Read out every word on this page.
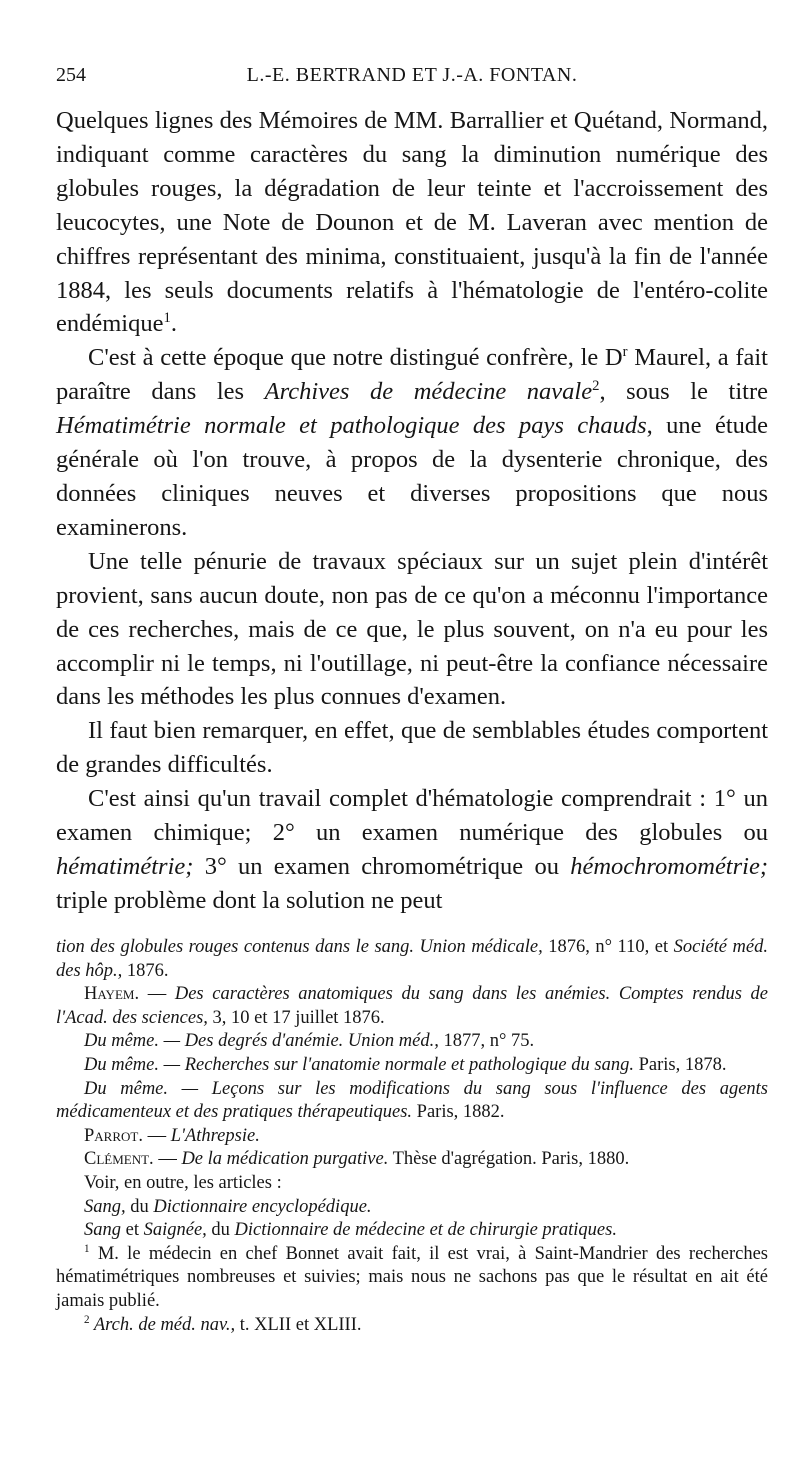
254	L.-E. BERTRAND ET J.-A. FONTAN.

Quelques lignes des Mémoires de MM. Barrallier et Quétand, Normand, indiquant comme caractères du sang la diminution numérique des globules rouges, la dégradation de leur teinte et l'accroissement des leucocytes, une Note de Dounon et de M. Laveran avec mention de chiffres représentant des minima, constituaient, jusqu'à la fin de l'année 1884, les seuls documents relatifs à l'hématologie de l'entéro-colite endémique$^1$.

C'est à cette époque que notre distingué confrère, le $D^r$ Maurel, a fait paraître dans les Archives de médecine navale$^2$, sous le titre Hématimétrie normale et pathologique des pays chauds, une étude générale où l'on trouve, à propos de la dysenterie chronique, des données cliniques neuves et diverses propositions que nous examinerons.

Une telle pénurie de travaux spéciaux sur un sujet plein d'intérêt provient, sans aucun doute, non pas de ce qu'on a méconnu l'importance de ces recherches, mais de ce que, le plus souvent, on n'a eu pour les accomplir ni le temps, ni l'outillage, ni peut-être la confiance nécessaire dans les méthodes les plus connues d'examen.

Il faut bien remarquer, en effet, que de semblables études comportent de grandes difficultés.

C'est ainsi qu'un travail complet d'hématologie comprendrait : 1° un examen chimique; 2° un examen numérique des globules ou hématimétrie; 3° un examen chromométrique ou hémochromométrie; triple problème dont la solution ne peut

tion des globules rouges contenus dans le sang. Union médicale, 1876, n° 110, et Société méd. des hôp., 1876.

Hayem. — Des caractères anatomiques du sang dans les anémies. Comptes rendus de l'Acad. des sciences, 3, 10 et 17 juillet 1876.

Du même. — Des degrés d'anémie. Union méd., 1877, n° 75.

Du même. — Recherches sur l'anatomie normale et pathologique du sang. Paris, 1878.

Du même. — Leçons sur les modifications du sang sous l'influence des agents médicamenteux et des pratiques thérapeutiques. Paris, 1882.

Parrot. — L'Athrepsie.

Clément. — De la médication purgative. Thèse d'agrégation. Paris, 1880.

Voir, en outre, les articles :

Sang, du Dictionnaire encyclopédique.

Sang et Saignée, du Dictionnaire de médecine et de chirurgie pratiques.

$^1$ M. le médecin en chef Bonnet avait fait, il est vrai, à Saint-Mandrier des recherches hématimétriques nombreuses et suivies; mais nous ne sachons pas que le résultat en ait été jamais publié.

$^2$ Arch. de méd. nav., t. XLII et XLIII.
